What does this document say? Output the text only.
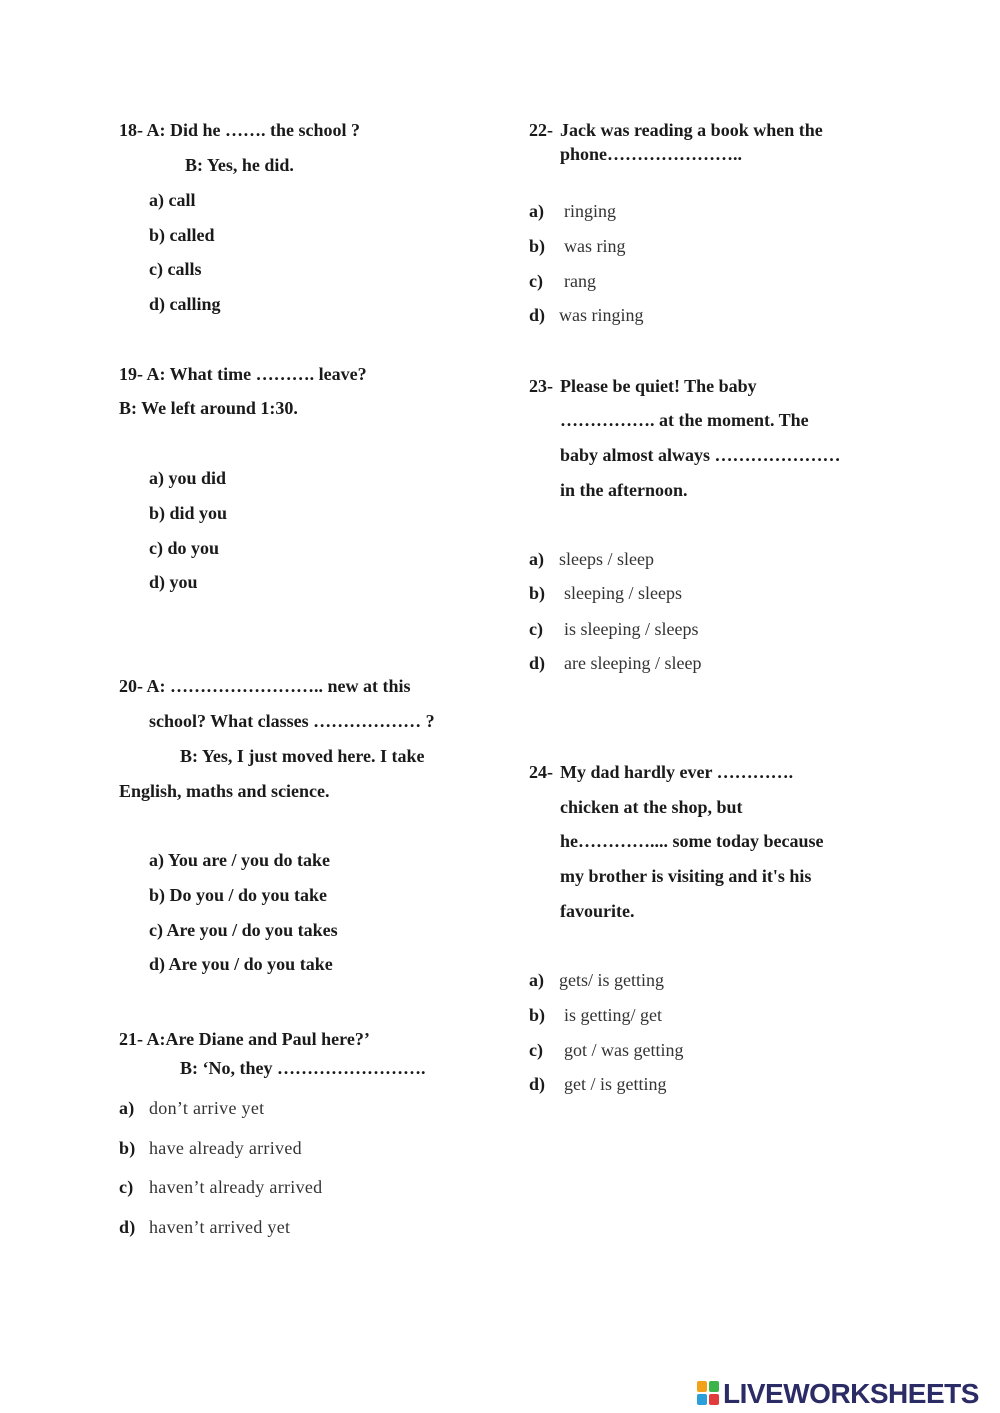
18- A: Did he ……. the school ?
B: Yes, he did.
a) call
b) called
c) calls
d) calling
19- A: What time ………. leave?
B: We left around 1:30.
a) you did
b) did you
c) do you
d) you
20- A: …………………….. new at this
school? What classes ……………… ?
B: Yes, I just moved here. I take
English, maths and science.
a) You are / you do take
b) Do you / do you take
c) Are you / do you takes
d) Are you / do you take
21- A:Are Diane and Paul here?’
B: ‘No, they …………………….
a) don’t arrive yet
b) have already arrived
c) haven’t already arrived
d) haven’t arrived yet
22- Jack was reading a book when the
phone…………………..
a) ringing
b) was ring
c) rang
d) was ringing
23- Please be quiet! The baby
……………. at the moment. The
baby almost always …………………
in the afternoon.
a) sleeps / sleep
b) sleeping / sleeps
c) is sleeping / sleeps
d) are sleeping / sleep
24- My dad hardly ever ………….
chicken at the shop, but
he………….... some today because
my brother is visiting and it's his
favourite.
a) gets/ is getting
b) is getting/ get
c) got / was getting
d) get / is getting
LIVEWORKSHEETS
